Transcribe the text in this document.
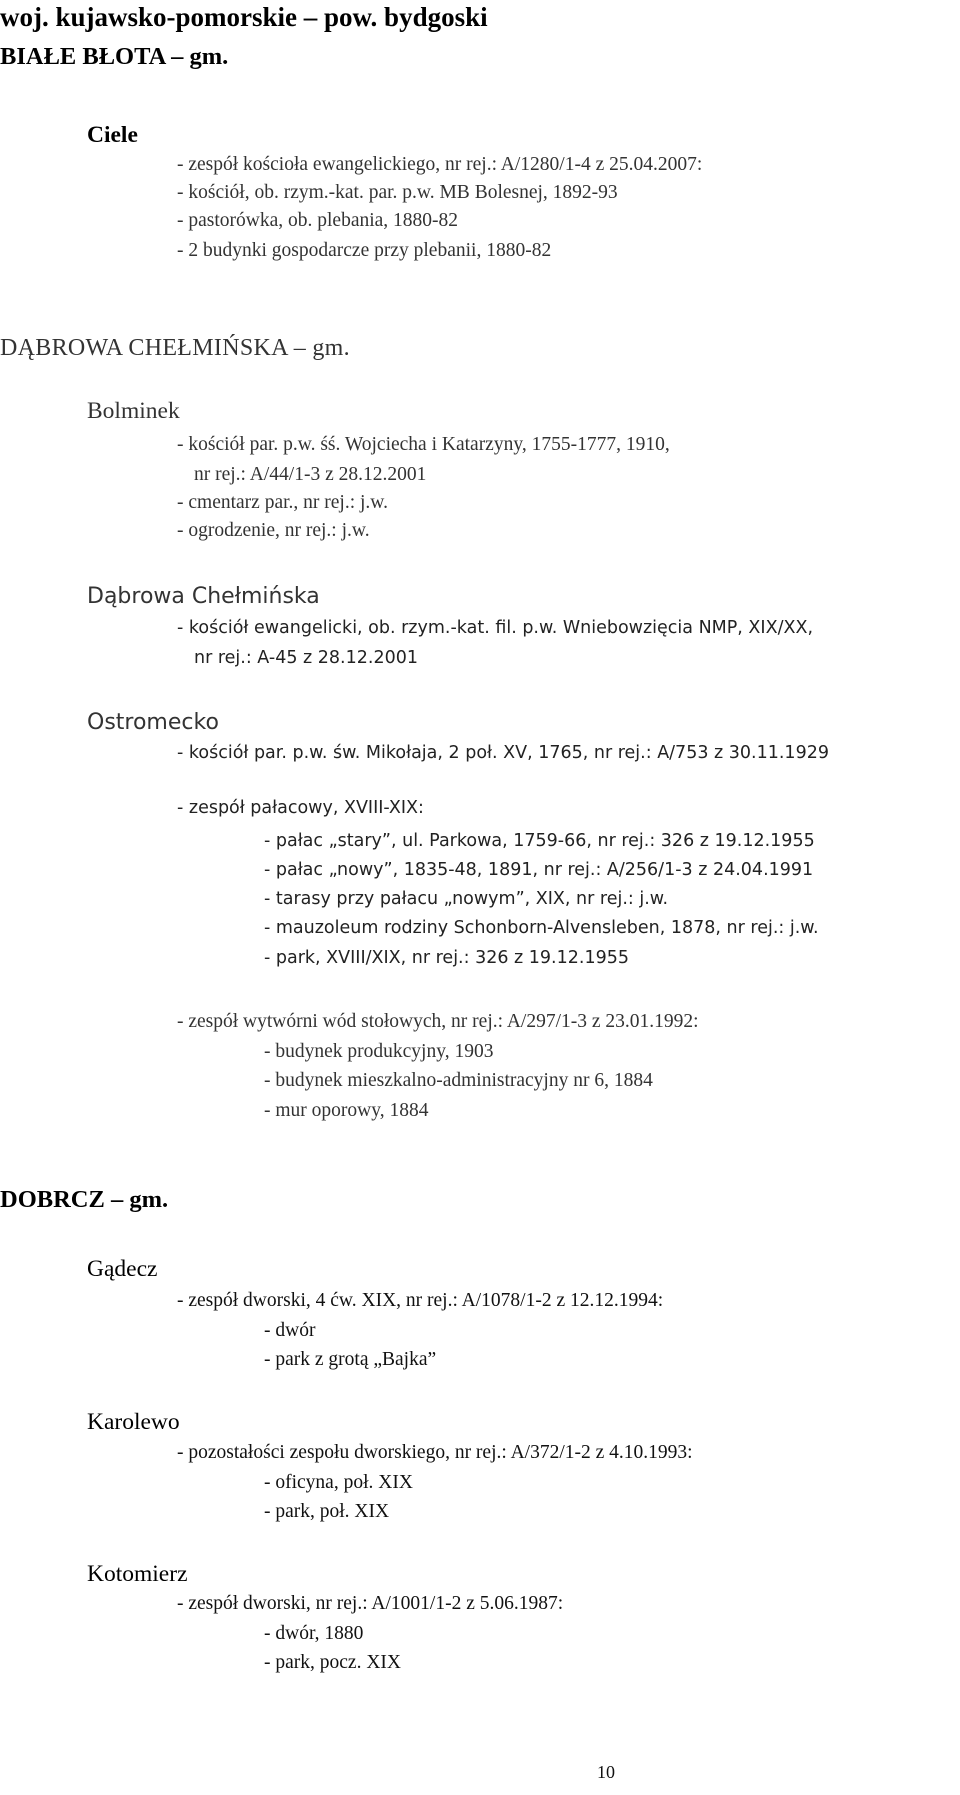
woj. kujawsko-pomorskie – pow. bydgoski
BIAŁE BŁOTA – gm.
Ciele
- zespół kościoła ewangelickiego, nr rej.: A/1280/1-4 z 25.04.2007:
- kościół, ob. rzym.-kat. par. p.w. MB Bolesnej, 1892-93
- pastorówka, ob. plebania, 1880-82
- 2 budynki gospodarcze przy plebanii, 1880-82
DĄBROWA CHEŁMIŃSKA – gm.
Bolminek
- kościół par. p.w. śś. Wojciecha i Katarzyny, 1755-1777, 1910,
nr rej.: A/44/1-3 z 28.12.2001
- cmentarz par., nr rej.: j.w.
- ogrodzenie, nr rej.: j.w.
Dąbrowa Chełmińska
- kościół ewangelicki, ob. rzym.-kat. fil. p.w. Wniebowzięcia NMP, XIX/XX,
nr rej.: A-45 z 28.12.2001
Ostromecko
- kościół par. p.w. św. Mikołaja, 2 poł. XV, 1765, nr rej.: A/753 z 30.11.1929
- zespół pałacowy, XVIII-XIX:
- pałac „stary”, ul. Parkowa, 1759-66, nr rej.: 326 z 19.12.1955
- pałac „nowy”, 1835-48, 1891, nr rej.: A/256/1-3 z 24.04.1991
- tarasy przy pałacu „nowym”, XIX, nr rej.: j.w.
- mauzoleum rodziny Schonborn-Alvensleben, 1878, nr rej.: j.w.
- park, XVIII/XIX, nr rej.: 326 z 19.12.1955
- zespół wytwórni wód stołowych, nr rej.: A/297/1-3 z 23.01.1992:
- budynek produkcyjny, 1903
- budynek mieszkalno-administracyjny nr 6, 1884
- mur oporowy, 1884
DOBRCZ – gm.
Gądecz
- zespół dworski, 4 ćw. XIX, nr rej.: A/1078/1-2 z 12.12.1994:
- dwór
- park z grotą „Bajka”
Karolewo
- pozostałości zespołu dworskiego, nr rej.: A/372/1-2 z 4.10.1993:
- oficyna, poł. XIX
- park, poł. XIX
Kotomierz
- zespół dworski, nr rej.: A/1001/1-2 z 5.06.1987:
- dwór, 1880
- park, pocz. XIX
10
